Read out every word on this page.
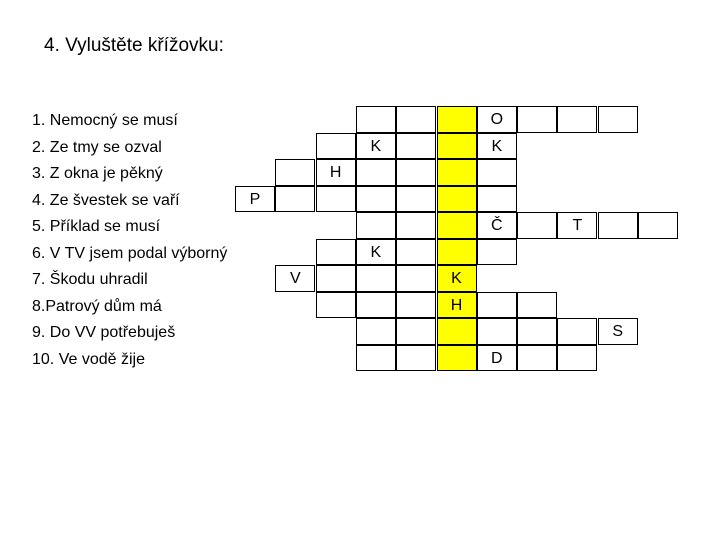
4. Vyluštěte křížovku:
1. Nemocný se musí
2. Ze tmy se ozval
3. Z okna je pěkný
4. Ze švestek se vaří
5. Příklad se musí
6. V TV jsem podal výborný
7. Škodu uhradil
8.Patrový dům má
9. Do VV potřebuješ
10. Ve vodě žije
O
K	K
H
P
Č	T
K
V	K
H
S
D
